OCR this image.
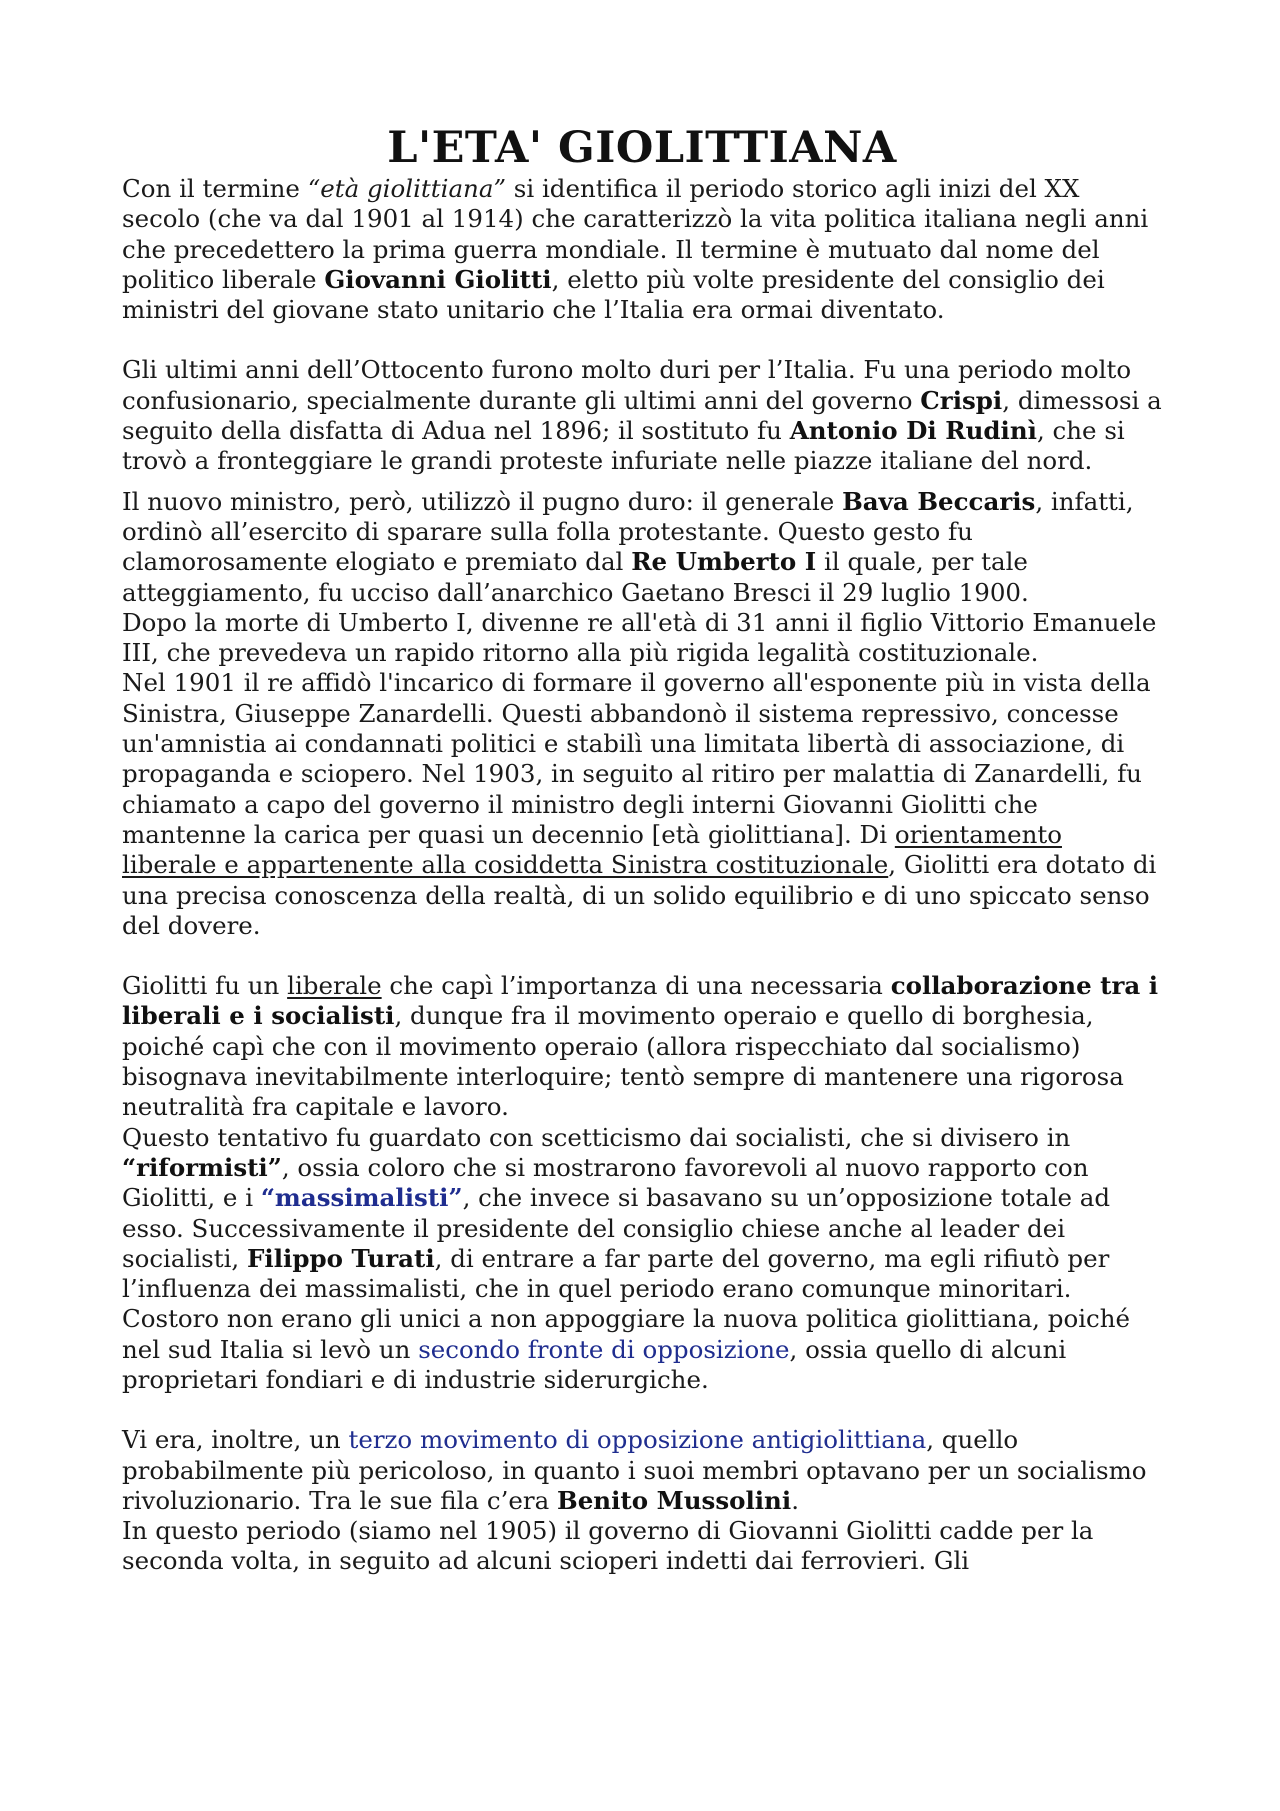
L'ETA' GIOLITTIANA

Con il termine “età giolittiana” si identifica il periodo storico agli inizi del XX secolo (che va dal 1901 al 1914) che caratterizzò la vita politica italiana negli anni che precedettero la prima guerra mondiale. Il termine è mutuato dal nome del politico liberale Giovanni Giolitti, eletto più volte presidente del consiglio dei ministri del giovane stato unitario che l’Italia era ormai diventato.

Gli ultimi anni dell’Ottocento furono molto duri per l’Italia. Fu una periodo molto confusionario, specialmente durante gli ultimi anni del governo Crispi, dimessosi a seguito della disfatta di Adua nel 1896; il sostituto fu Antonio Di Rudinì, che si trovò a fronteggiare le grandi proteste infuriate nelle piazze italiane del nord.

Il nuovo ministro, però, utilizzò il pugno duro: il generale Bava Beccaris, infatti, ordinò all’esercito di sparare sulla folla protestante. Questo gesto fu clamorosamente elogiato e premiato dal Re Umberto I il quale, per tale atteggiamento, fu ucciso dall’anarchico Gaetano Bresci il 29 luglio 1900.

Dopo la morte di Umberto I, divenne re all'età di 31 anni il figlio Vittorio Emanuele III, che prevedeva un rapido ritorno alla più rigida legalità costituzionale.

Nel 1901 il re affidò l'incarico di formare il governo all'esponente più in vista della Sinistra, Giuseppe Zanardelli. Questi abbandonò il sistema repressivo, concesse un'amnistia ai condannati politici e stabilì una limitata libertà di associazione, di propaganda e sciopero. Nel 1903, in seguito al ritiro per malattia di Zanardelli, fu chiamato a capo del governo il ministro degli interni Giovanni Giolitti che mantenne la carica per quasi un decennio [età giolittiana]. Di orientamento liberale e appartenente alla cosiddetta Sinistra costituzionale, Giolitti era dotato di una precisa conoscenza della realtà, di un solido equilibrio e di uno spiccato senso del dovere.

Giolitti fu un liberale che capì l’importanza di una necessaria collaborazione tra i liberali e i socialisti, dunque fra il movimento operaio e quello di borghesia, poiché capì che con il movimento operaio (allora rispecchiato dal socialismo) bisognava inevitabilmente interloquire; tentò sempre di mantenere una rigorosa neutralità fra capitale e lavoro.

Questo tentativo fu guardato con scetticismo dai socialisti, che si divisero in “riformisti”, ossia coloro che si mostrarono favorevoli al nuovo rapporto con Giolitti, e i “massimalisti”, che invece si basavano su un’opposizione totale ad esso. Successivamente il presidente del consiglio chiese anche al leader dei socialisti, Filippo Turati, di entrare a far parte del governo, ma egli rifiutò per l’influenza dei massimalisti, che in quel periodo erano comunque minoritari. Costoro non erano gli unici a non appoggiare la nuova politica giolittiana, poiché nel sud Italia si levò un secondo fronte di opposizione, ossia quello di alcuni proprietari fondiari e di industrie siderurgiche.

Vi era, inoltre, un terzo movimento di opposizione antigiolittiana, quello probabilmente più pericoloso, in quanto i suoi membri optavano per un socialismo rivoluzionario. Tra le sue fila c’era Benito Mussolini.

In questo periodo (siamo nel 1905) il governo di Giovanni Giolitti cadde per la seconda volta, in seguito ad alcuni scioperi indetti dai ferrovieri. Gli
